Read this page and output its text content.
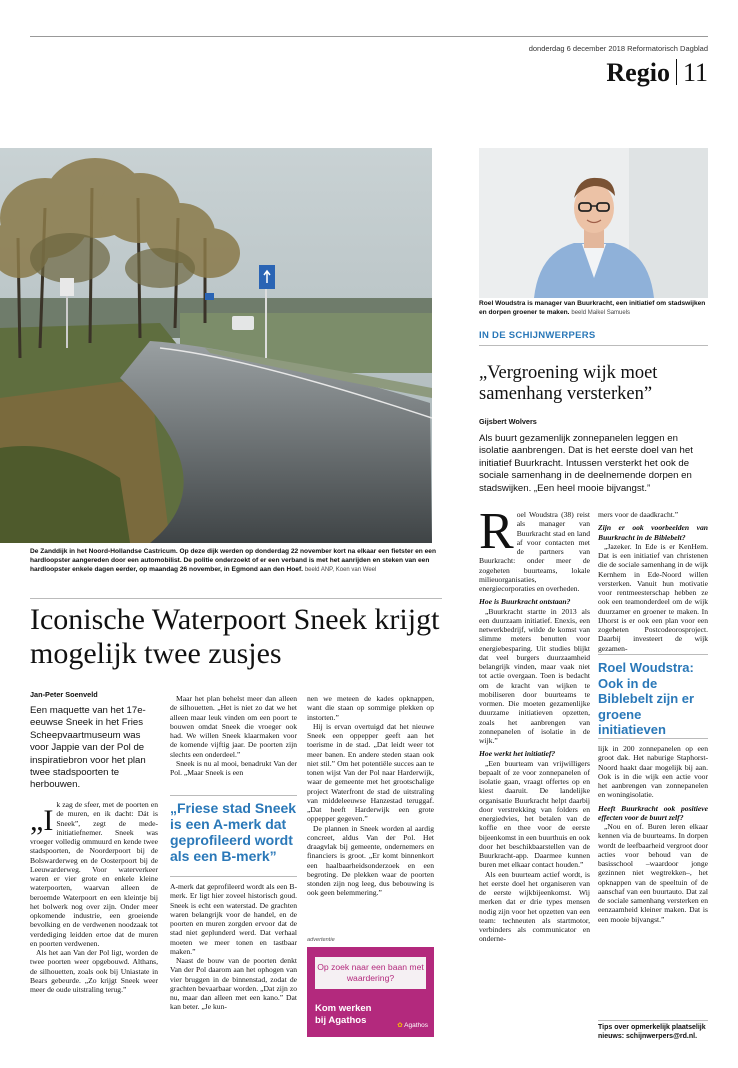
donderdag 6 december 2018 Reformatorisch Dagblad
Regio 11
De Zanddijk in het Noord-Hollandse Castricum. Op deze dijk werden op donderdag 22 november kort na elkaar een fietster en een hardloopster aangereden door een automobilist. De politie onderzoekt of er een verband is met het aanrijden en steken van een hardloopster enkele dagen eerder, op maandag 26 november, in Egmond aan den Hoef. beeld ANP, Koen van Weel
Roel Woudstra is manager van Buurkracht, een initiatief om stadswijken en dorpen groener te maken. beeld Maikel Samuels
IN DE SCHIJNWERPERS
„Vergroening wijk moet samenhang versterken”
Gijsbert Wolvers
Als buurt gezamenlijk zonnepanelen leggen en isolatie aanbrengen. Dat is het eerste doel van het initiatief Buurkracht. Intussen versterkt het ook de sociale samenhang in de deelnemende dorpen en stadswijken. „Een heel mooie bijvangst.”
R oel Woudstra (38) reist als manager van Buurkracht stad en land af voor contacten met de partners van Buurkracht: onder meer de zogeheten buurteams, lokale milieuorganisaties, energiecorporaties en overheden.

Hoe is Buurkracht ontstaan?

„Buurkracht startte in 2013 als een duurzaam initiatief. Enexis, een netwerkbedrijf, wilde de komst van slimme meters benutten voor energiebesparing. Uit studies blijkt dat veel burgers duurzaamheid belangrijk vinden, maar vaak niet tot actie overgaan. Toen is bedacht om de kracht van wijken te mobiliseren door buurteams te vormen. Die moeten gezamenlijke duurzame initiatieven opzetten, zoals het aanbrengen van zonnepanelen of isolatie in de wijk.”

Hoe werkt het initiatief?

„Een buurteam van vrijwilligers bepaalt of ze voor zonnepanelen of isolatie gaan, vraagt offertes op en kiest daaruit. De landelijke organisatie Buurkracht helpt daarbij door verstrekking van folders en energiedvies, het betalen van de koffie en thee voor de eerste bijeenkomst in een buurthuis en ook door het beschikbaarstellen van de Buurkracht-app. Daarmee kunnen buren met elkaar contact houden.”

Als een buurteam actief wordt, is het eerste doel het organiseren van de eerste wijkbijeenkomst. Wij merken dat er drie types mensen nodig zijn voor het opzetten van een team: techneuten als startmotor, verbinders als communicator en onderne-

mers voor de daadkracht.”

Zijn er ook voorbeelden van Buurkracht in de Biblebelt?

„Jazeker. In Ede is er KenHem. Dat is een initiatief van christenen die de sociale samenhang in de wijk Kernhem in Ede-Noord willen versterken. Vanuit hun motivatie voor rentmeesterschap hebben ze ook een teamonderdeel om de wijk duurzamer en groener te maken. In IJhorst is er ook een plan voor een zogeheten Postcodeorosproject. Daarbij investeert de wijk gezamen-

Roel Woudstra: Ook in de Biblebelt zijn er groene initiatieven

lijk in 200 zonnepanelen op een groot dak. Het naburige Staphorst-Noord haakt daar mogelijk bij aan. Ook is in die wijk een actie voor het aanbrengen van zonnepanelen en woningisolatie.

Heeft Buurkracht ook positieve effecten voor de buurt zelf?

„Nou en of. Buren leren elkaar kennen via de buurteams. In dorpen wordt de leefbaarheid vergroot door acties voor behoud van de basisschool –waardoor jonge gezinnen niet wegtrekken–, het opknappen van de speeltuin of de aanschaf van een buurtauto. Dat zal de sociale samenhang versterken en eenzaamheid kleiner maken. Dat is een mooie bijvangst.”

Tips over opmerkelijk plaatselijk nieuws: schijnwerpers@rd.nl.
Iconische Waterpoort Sneek krijgt mogelijk twee zusjes
Jan-Peter Soenveld
Een maquette van het 17e-eeuwse Sneek in het Fries Scheepvaartmuseum was voor Jappie van der Pol de inspiratiebron voor het plan twee stadspoorten te herbouwen.
„I k zag de sfeer, met de poorten en de muren, en ik dacht: Dát is Sneek”, zegt de mede-initiatiefnemer. Sneek was vroeger volledig ommuurd en kende twee stadspoorten, de Noorderpoort bij de Bolswarderweg en de Oosterpoort bij de Leeuwarderweg. Voor waterverkeer waren er vier grote en enkele kleine waterpoorten, waarvan alleen de beroemde Waterpoort en een kleintje bij het bolwerk nog over zijn. Onder meer opkomende industrie, een groeiende bevolking en de verdwenen noodzaak tot verdediging leidden ertoe dat de muren en poorten verdwenen.

Als het aan Van der Pol ligt, worden de twee poorten weer opgebouwd. Althans, de silhouetten, zoals ook bij Uniastate in Bears gebeurde. „Zo krijgt Sneek weer meer de oude uitstraling terug.”

Maar het plan behelst meer dan alleen de silhouetten. „Het is niet zo dat we het alleen maar leuk vinden om een poort te bouwen omdat Sneek die vroeger ook had. We willen Sneek klaarmaken voor de komende vijftig jaar. De poorten zijn slechts een onderdeel.”

Sneek is nu al mooi, benadrukt Van der Pol. „Maar Sneek is een

„Friese stad Sneek is een A-merk dat geprofileerd wordt als een B-merk”

A-merk dat geprofileerd wordt als een B-merk. Er ligt hier zoveel historisch goud. Sneek is echt een waterstad. De grachten waren belangrijk voor de handel, en de poorten en muren zorgden ervoor dat de stad niet geplunderd werd. Dat verhaal moeten we meer tonen en tastbaar maken.”

Naast de bouw van de poorten denkt Van der Pol daarom aan het ophogen van vier bruggen in de binnenstad, zodat de grachten bevaarbaar worden. „Dat zijn zo nu, maar dan alleen met een kano.” Dat kan beter. „Je kun-

nen we meteen de kades opknappen, want die staan op sommige plekken op instorten.”

Hij is ervan overtuigd dat het nieuwe Sneek een oppepper geeft aan het toerisme in de stad. „Dat leidt weer tot meer banen. En andere steden staan ook niet stil.” Om het potentiële succes aan te tonen wijst Van der Pol naar Harderwijk, waar de gemeente met het grootschalige project Waterfront de stad de uitstraling van middeleeuwse Hanzestad teruggaf. „Dat heeft Harderwijk een grote oppepper gegeven.”

De plannen in Sneek worden al aardig concreet, aldus Van der Pol. Het draagvlak bij gemeente, ondernemers en financiers is groot. „Er komt binnenkort een haalbaarheidsonderzoek en een begroting. De plekken waar de poorten stonden zijn nog leeg, dus bebouwing is ook geen belemmering.”

advertentie
Op zoek naar een baan met waardering?
Kom werken bij Agathos	✿ Agathos
